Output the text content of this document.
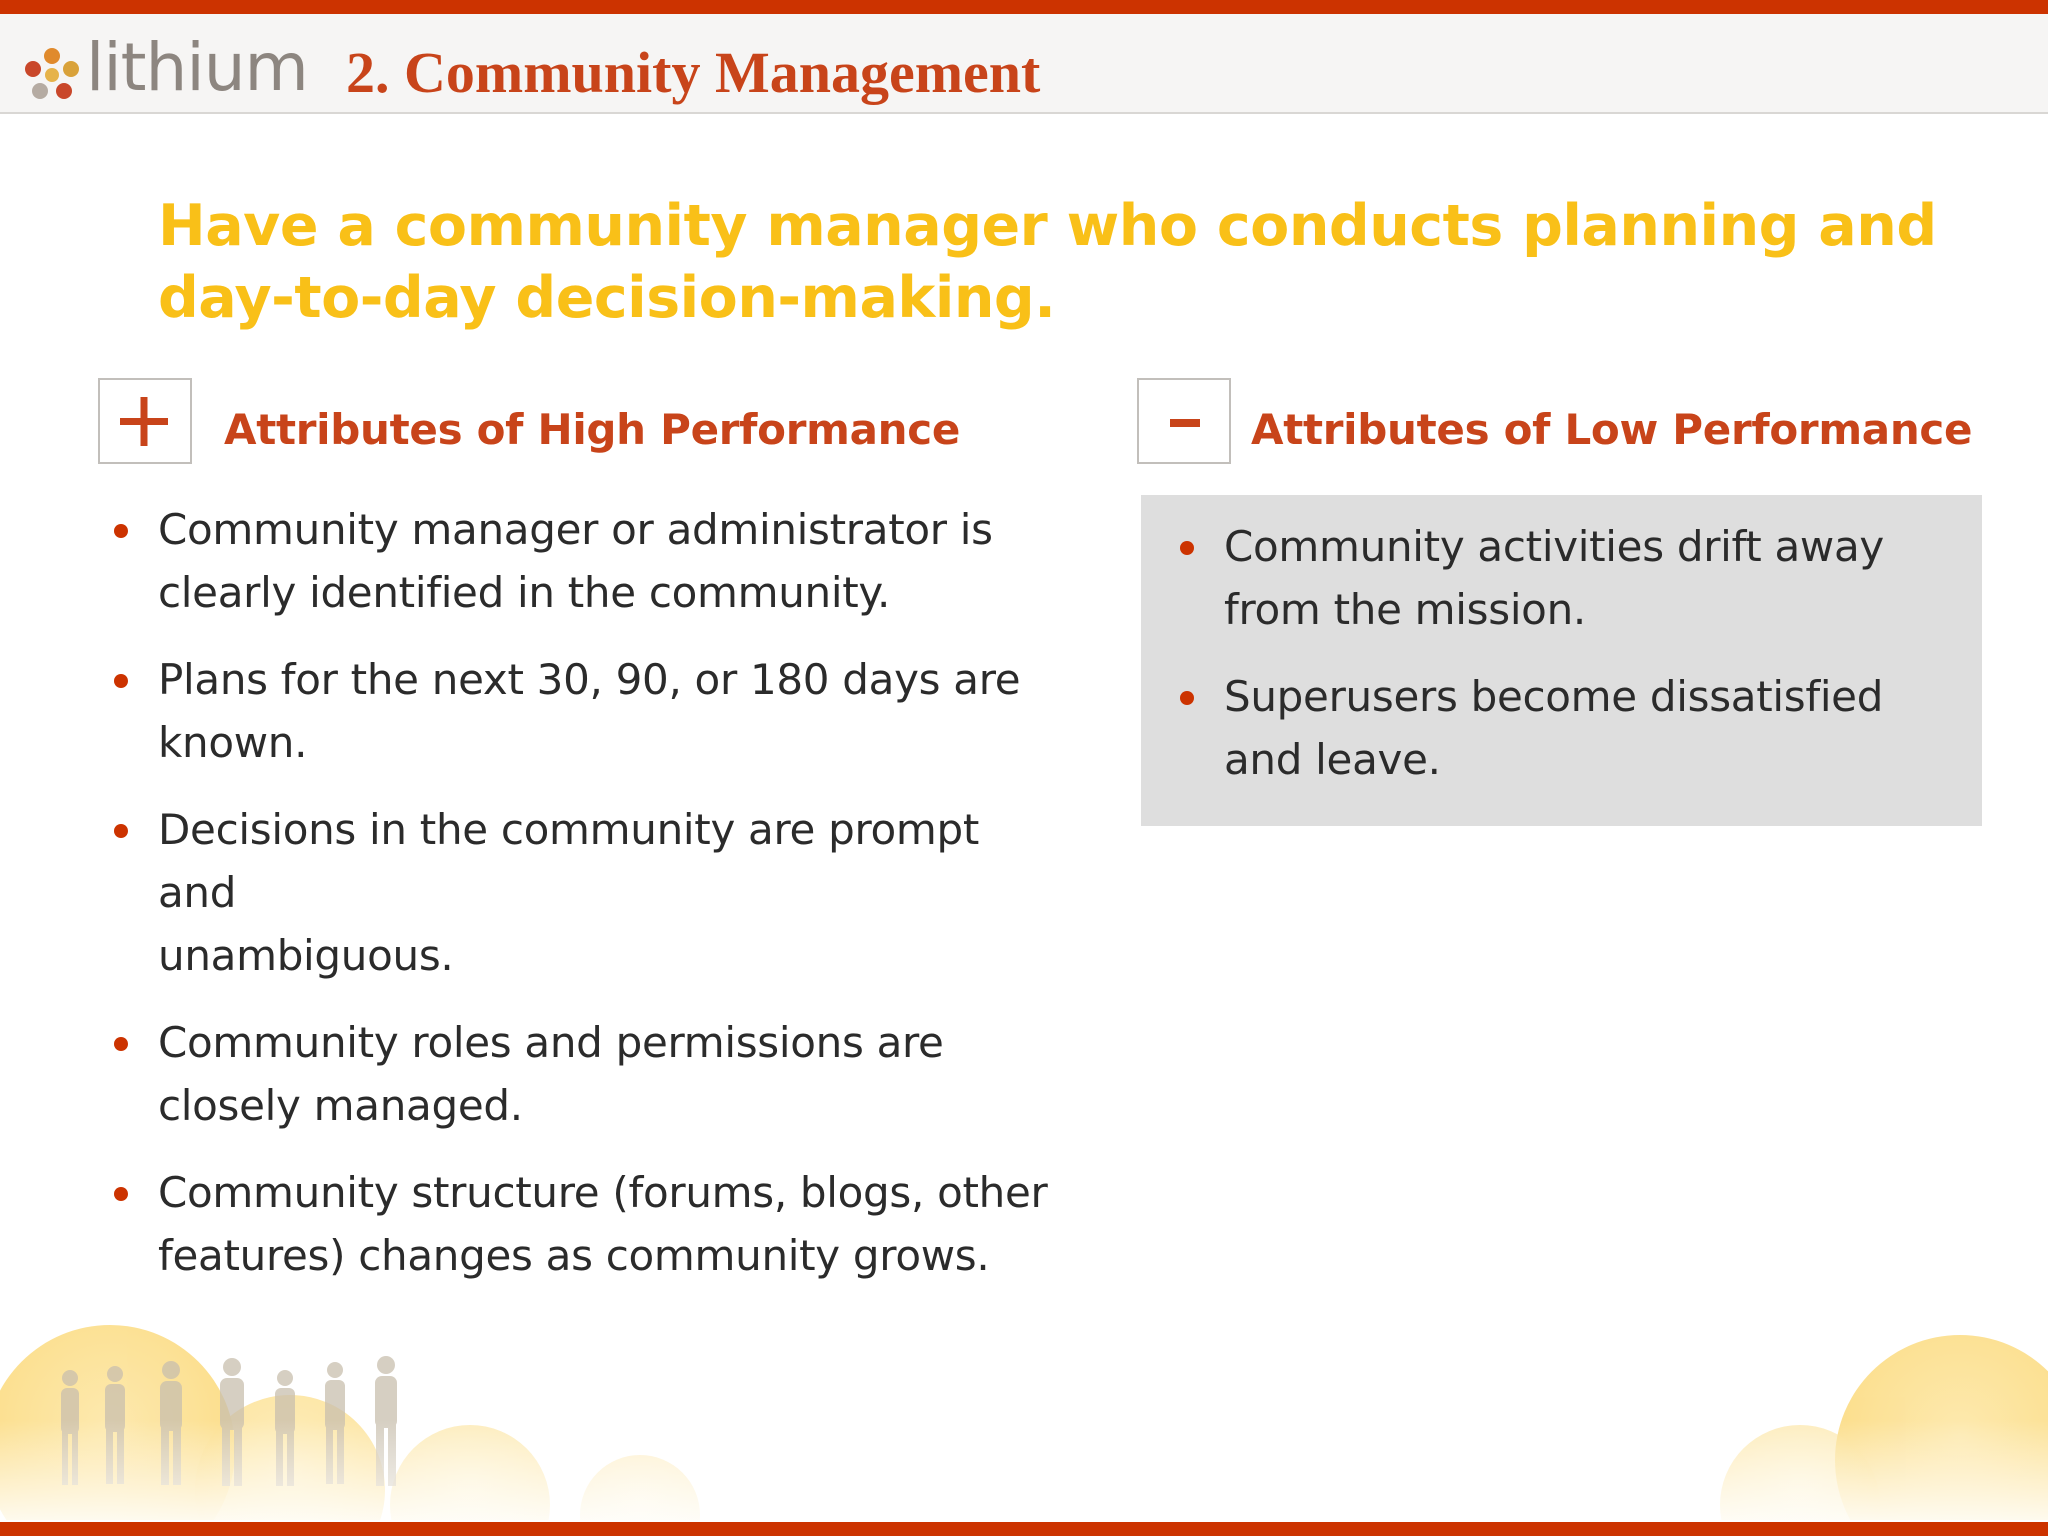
lithium 2. Community Management
Have a community manager who conducts planning and
day-to-day decision-making.
Attributes of High Performance
Community manager or administrator is
clearly identified in the community.
Plans for the next 30, 90, or 180 days are
known.
Decisions in the community are prompt and
unambiguous.
Community roles and permissions are
closely managed.
Community structure (forums, blogs, other
features) changes as community grows.
Attributes of Low Performance
Community activities drift away
from the mission.
Superusers become dissatisfied
and leave.
